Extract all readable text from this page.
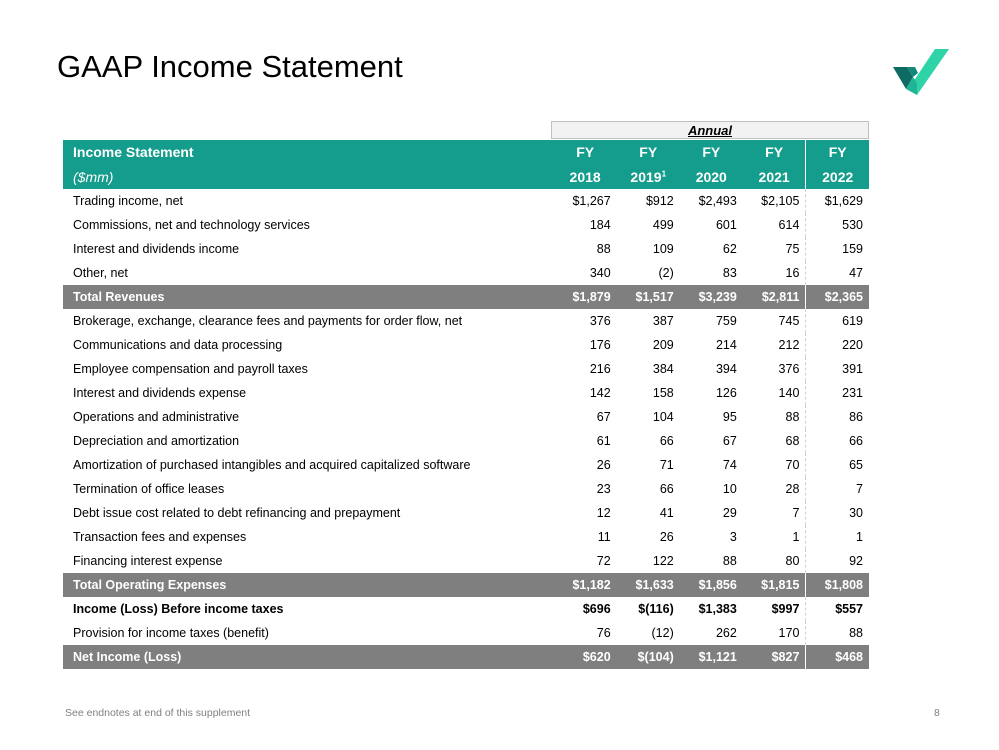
GAAP Income Statement
Annual
Income Statement	FY	FY	FY	FY	FY
($mm)	2018	2019$^1$	2020	2021	2022
Trading income, net	$1,267	$912	$2,493	$2,105	$1,629
Commissions, net and technology services	184	499	601	614	530
Interest and dividends income	88	109	62	75	159
Other, net	340	(2)	83	16	47
Total Revenues	$1,879	$1,517	$3,239	$2,811	$2,365
Brokerage, exchange, clearance fees and payments for order flow, net	376	387	759	745	619
Communications and data processing	176	209	214	212	220
Employee compensation and payroll taxes	216	384	394	376	391
Interest and dividends expense	142	158	126	140	231
Operations and administrative	67	104	95	88	86
Depreciation and amortization	61	66	67	68	66
Amortization of purchased intangibles and acquired capitalized software	26	71	74	70	65
Termination of office leases	23	66	10	28	7
Debt issue cost related to debt refinancing and prepayment	12	41	29	7	30
Transaction fees and expenses	11	26	3	1	1
Financing interest expense	72	122	88	80	92
Total Operating Expenses	$1,182	$1,633	$1,856	$1,815	$1,808
Income (Loss) Before income taxes	$696	$(116)	$1,383	$997	$557
Provision for income taxes (benefit)	76	(12)	262	170	88
Net Income (Loss)	$620	$(104)	$1,121	$827	$468
See endnotes at end of this supplement	8
